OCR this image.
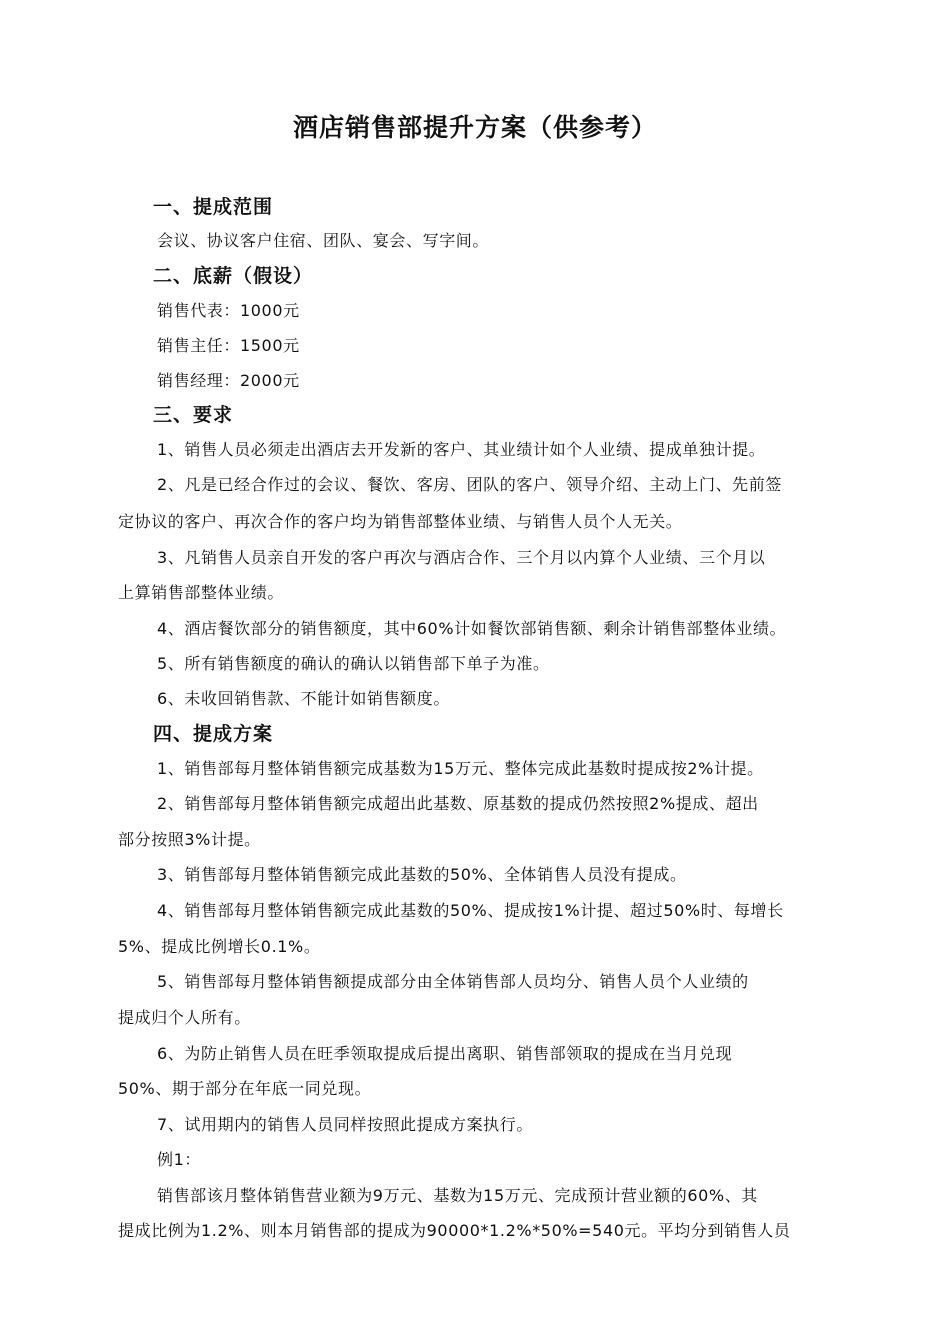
酒店销售部提升方案（供参考）
一、提成范围
会议、协议客户住宿、团队、宴会、写字间。
二、底薪（假设）
销售代表：1000元
销售主任：1500元
销售经理：2000元
三、要求
1、销售人员必须走出酒店去开发新的客户、其业绩计如个人业绩、提成单独计提。
2、凡是已经合作过的会议、餐饮、客房、团队的客户、领导介绍、主动上门、先前签
定协议的客户、再次合作的客户均为销售部整体业绩、与销售人员个人无关。
3、凡销售人员亲自开发的客户再次与酒店合作、三个月以内算个人业绩、三个月以
上算销售部整体业绩。
4、酒店餐饮部分的销售额度，其中60%计如餐饮部销售额、剩余计销售部整体业绩。
5、所有销售额度的确认的确认以销售部下单子为准。
6、未收回销售款、不能计如销售额度。
四、提成方案
1、销售部每月整体销售额完成基数为15万元、整体完成此基数时提成按2%计提。
2、销售部每月整体销售额完成超出此基数、原基数的提成仍然按照2%提成、超出
部分按照3%计提。
3、销售部每月整体销售额完成此基数的50%、全体销售人员没有提成。
4、销售部每月整体销售额完成此基数的50%、提成按1%计提、超过50%时、每增长
5%、提成比例增长0.1%。
5、销售部每月整体销售额提成部分由全体销售部人员均分、销售人员个人业绩的
提成归个人所有。
6、为防止销售人员在旺季领取提成后提出离职、销售部领取的提成在当月兑现
50%、期于部分在年底一同兑现。
7、试用期内的销售人员同样按照此提成方案执行。
例1：
销售部该月整体销售营业额为9万元、基数为15万元、完成预计营业额的60%、其
提成比例为1.2%、则本月销售部的提成为90000*1.2%*50%=540元。平均分到销售人员
